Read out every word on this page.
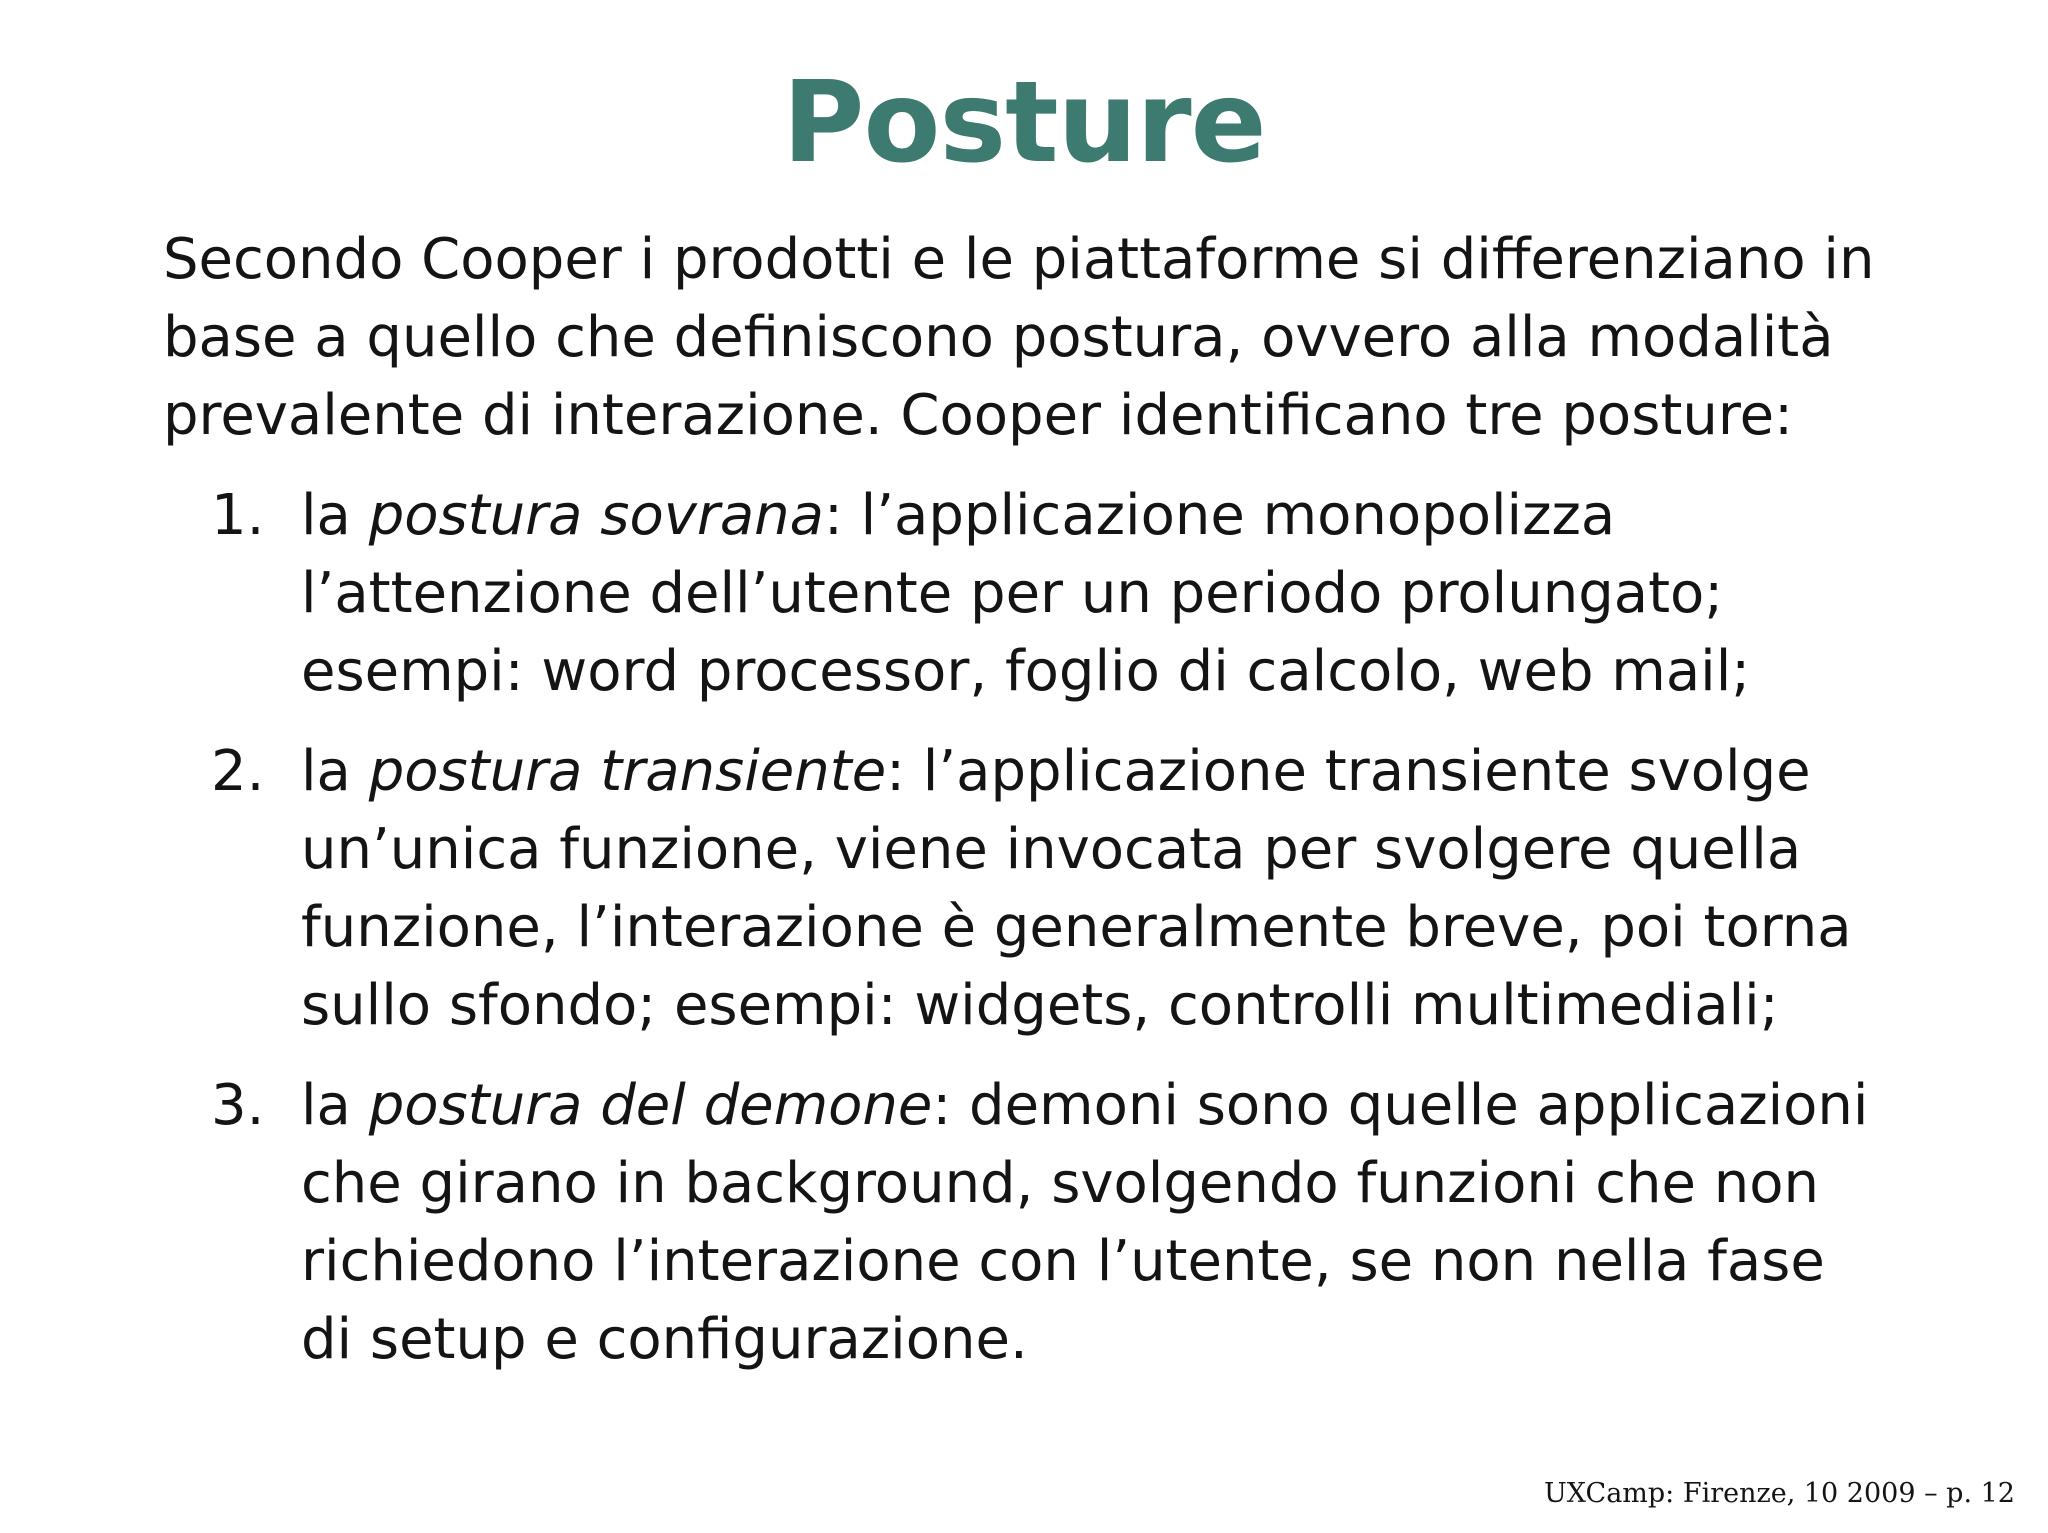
Posture

Secondo Cooper i prodotti e le piattaforme si differenziano in base a quello che definiscono postura, ovvero alla modalità prevalente di interazione. Cooper identificano tre posture:

1. la postura sovrana: l’applicazione monopolizza l’attenzione dell’utente per un periodo prolungato; esempi: word processor, foglio di calcolo, web mail;
2. la postura transiente: l’applicazione transiente svolge un’unica funzione, viene invocata per svolgere quella funzione, l’interazione è generalmente breve, poi torna sullo sfondo; esempi: widgets, controlli multimediali;
3. la postura del demone: demoni sono quelle applicazioni che girano in background, svolgendo funzioni che non richiedono l’interazione con l’utente, se non nella fase di setup e configurazione.
UXCamp: Firenze, 10 2009 – p. 12
